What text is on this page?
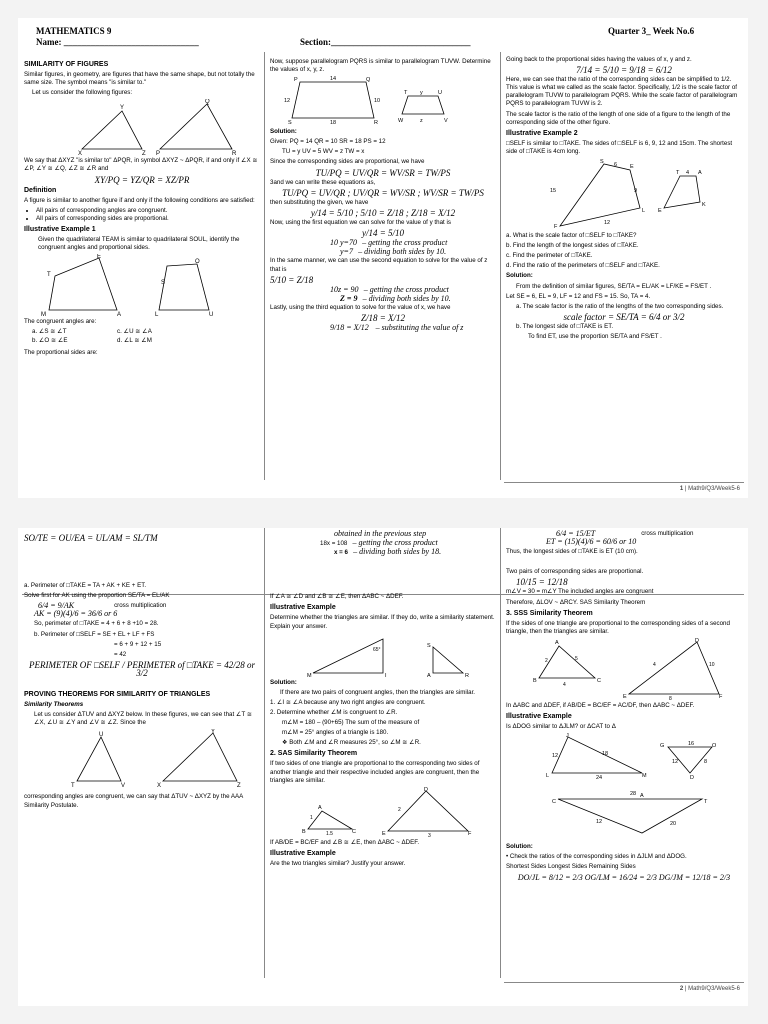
MATHEMATICS 9	Quarter 3_ Week No.6
Name: ______________________________	Section:_______________________________
SIMILARITY OF FIGURES

Similar figures, in geometry, are figures that have the same shape, but not totally the same size. The symbol means "is similar to."

Let us consider the following figures:

X
Y
Z P
Q
R

We say that ΔXYZ "is similar to" ΔPQR, in symbol ΔXYZ ~ ΔPQR, if and only if ∠X ≅ ∠P, ∠Y ≅ ∠Q, ∠Z ≅ ∠R and

XY/PQ = YZ/QR = XZ/PR
Definition

A figure is similar to another figure if and only if the following conditions are satisfied:

• All pairs of corresponding angles are congruent.
• All pairs of corresponding sides are proportional.
Illustrative Example 1

Given the quadrilateral TEAM is similar to quadrilateral SOUL, identify the congruent angles and proportional sides.

T
E
A
M
S
O
U
L

The congruent angles are:

a. ∠S ≅ ∠T	c. ∠U ≅ ∠A
b. ∠O ≅ ∠E	d. ∠L ≅ ∠M

The proportional sides are:

Now, suppose parallelogram PQRS is similar to parallelogram TUVW. Determine the values of x, y, z.

P	14	Q
12	10
S	18	R
T y	U
W	z	V

Solution:

Given: PQ = 14 QR = 10 SR = 18 PS = 12

TU = y UV = 5 WV = z TW = x

Since the corresponding sides are proportional, we have

TU/PQ = UV/QR = WV/SR = TW/PS

3and we can write these equations as,

TU/PQ = UV/QR ; UV/QR = WV/SR ; WV/SR = TW/PS

then substituting the given, we have

y/14 = 5/10 ; 5/10 = Z/18 ; Z/18 = X/12

Now, using the first equation we can solve for the value of y that is

y/14 = 5/10
10 y=70 – getting the cross product
y=7 – dividing both sides by 10.

In the same manner, we can use the second equation to solve for the value of z that is

5/10 = Z/18
10z = 90 – getting the cross product
Z = 9 – dividing both sides by 10.

Lastly, using the third equation to solve for the value of x, we have

Z/18 = X/12
9/18 = X/12 – substituting the value of z

Going back to the proportional sides having the values of x, y and z.

7/14 = 5/10 = 9/18 = 6/12

Here, we can see that the ratio of the corresponding sides can be simplified to 1/2. This value is what we called as the scale factor. Specifically, 1/2 is the scale factor of parallelogram TUVW to parallelogram PQRS. While the scale factor of parallelogram PQRS to parallelogram TUVW is 2.

The scale factor is the ratio of the length of one side of a figure to the length of the corresponding side of the other figure.

Illustrative Example 2

□SELF is similar to □TAKE. The sides of □SELF is 6, 9, 12 and 15cm. The shortest side of □TAKE is 4cm long.

15
S 6 E
9
12
L
F
T 4 A
K
E

a. What is the scale factor of □SELF to □TAKE?

b. Find the length of the longest sides of □TAKE.

c. Find the perimeter of □TAKE.

d. Find the ratio of the perimeters of □SELF and □TAKE.

Solution:

From the definition of similar figures, SE/TA = EL/AK = LF/KE = FS/ET .

Let SE = 6, EL = 9, LF = 12 and FS = 15. So, TA = 4.

a. The scale factor is the ratio of the lengths of the two corresponding sides.

scale factor = SE/TA = 6/4 or 3/2

b. The longest side of □TAKE is ET.

To find ET, use the proportion SE/TA and FS/ET .

1 | Math9/Q3/Week5-6
SO/TE = OU/EA = UL/AM = SL/TM

a. Perimeter of □TAKE = TA + AK + KE + ET.

Solve first for AK using the proportion SE/TA = EL/AK

6/4 = 9/AK	cross multiplication

AK = (9)(4)/6 = 36/6 or 6

So, perimeter of □TAKE = 4 + 6 + 8 +10 = 28.

b. Perimeter of □SELF = SE + EL + LF + FS

= 6 + 9 + 12 + 15

= 42

PERIMETER OF □SELF / PERIMETER of □TAKE = 42/28 or 3/2
PROVING THEOREMS FOR SIMILARITY OF TRIANGLES

Similarity Theorems

Let us consider ΔTUV and ΔXYZ below. In these figures, we can see that ∠T ≅ ∠X, ∠U ≅ ∠Y and ∠V ≅ ∠Z. Since the

T
U
V	X
Y
Z

corresponding angles are congruent, we can say that ΔTUV ~ ΔXYZ by the AAA Similarity Postulate.

obtained in the previous step
18x = 108 – getting the cross product
x = 6 – dividing both sides by 18.

If ∠A ≅ ∠D and ∠B ≅ ∠E, then ΔABC ~ ΔDEF.

Illustrative Example

Determine whether the triangles are similar. If they do, write a similarity statement. Explain your answer.

65°
M	I
S
A	R

Solution:

If there are two pairs of congruent angles, then the triangles are similar.

1. ∠I ≅ ∠A because any two right angles are congruent.

2. Determine whether ∠M is congruent to ∠R.

m∠M = 180 – (90+65) The sum of the measure of

m∠M = 25° angles of a triangle is 180.

❖ Both ∠M and ∠R measures 25°, so ∠M ≅ ∠R.

2. SAS Similarity Theorem

If two sides of one triangle are proportional to the corresponding two sides of another triangle and their respective included angles are congruent, then the triangles are similar.

A
B	C
1.5
1
D
E	F
2
3

If AB/DE = BC/EF and ∠B ≅ ∠E, then ΔABC ~ ΔDEF.

Illustrative Example

Are the two triangles similar? Justify your answer.

6/4 = 15/ET	cross multiplication

ET = (15)(4)/6 = 60/6 or 10

Thus, the longest sides of □TAKE is ET (10 cm).

Two pairs of corresponding sides are proportional.

10/15 = 12/18

m∠V = 30 = m∠Y The included angles are congruent

Therefore, ΔLOV ~ ΔRCY. SAS Similarity Theorem

3. SSS Similarity Theorem

If the sides of one triangle are proportional to the corresponding sides of a second triangle, then the triangles are similar.

A
5
2
B
4
C
D
10
4
E	8	F

In ΔABC and ΔDEF, if AB/DE = BC/EF = AC/DF, then ΔABC ~ ΔDEF.

Illustrative Example

Is ΔDOG similar to ΔJLM? or ΔCAT to Δ

J
L	M
12	18
24
G	16	O
12	8
D
A
28
C	T
12	20

Solution:

• Check the ratios of the corresponding sides in ΔJLM and ΔDOG.

Shortest Sides Longest Sides Remaining Sides

DO/JL = 8/12 = 2/3 OG/LM = 16/24 = 2/3 DG/JM = 12/18 = 2/3
2 | Math9/Q3/Week5-6
